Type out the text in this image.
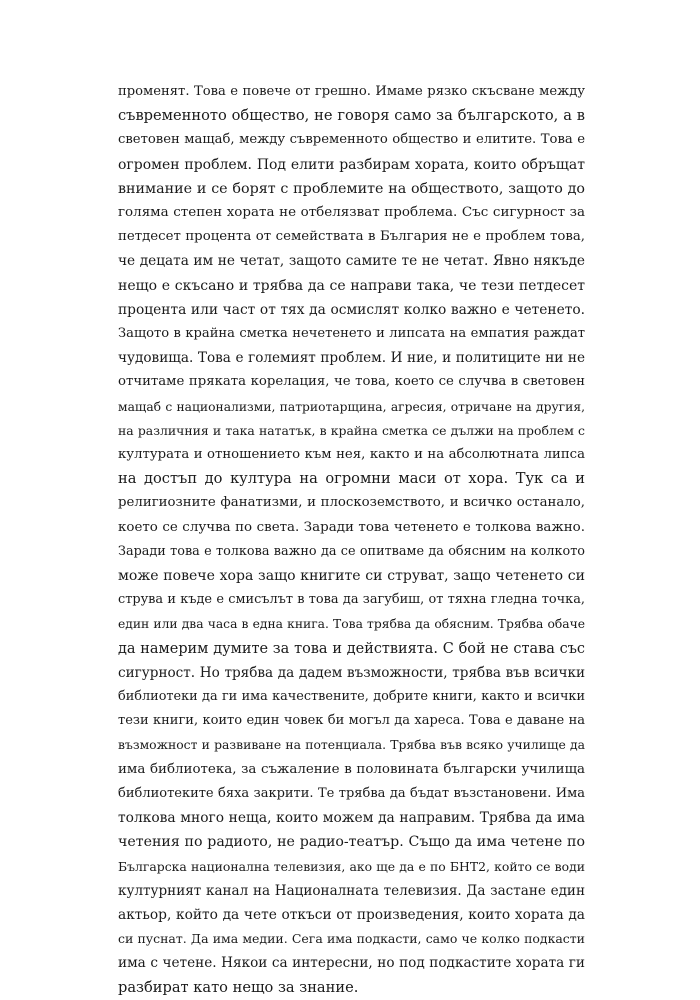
променят. Това е повече от грешно. Имаме рязко скъсване между
съвременното общество, не говоря само за българското, а в
световен мащаб, между съвременното общество и елитите. Това е
огромен проблем. Под елити разбирам хората, които обръщат
внимание и се борят с проблемите на обществото, защото до
голяма степен хората не отбелязват проблема. Със сигурност за
петдесет процента от семействата в България не е проблем това,
че децата им не четат, защото самите те не четат. Явно някъде
нещо е скъсано и трябва да се направи така, че тези петдесет
процента или част от тях да осмислят колко важно е четенето.
Защото в крайна сметка нечетенето и липсата на емпатия раждат
чудовища. Това е големият проблем. И ние, и политиците ни не
отчитаме пряката корелация, че това, което се случва в световен
мащаб с национализми, патриотарщина, агресия, отричане на другия,
на различния и така нататък, в крайна сметка се дължи на проблем с
културата и отношението към нея, както и на абсолютната липса
на достъп до култура на огромни маси от хора. Тук са и
религиозните фанатизми, и плоскоземството, и всичко останало,
което се случва по света. Заради това четенето е толкова важно.
Заради това е толкова важно да се опитваме да обясним на колкото
може повече хора защо книгите си струват, защо четенето си
струва и къде е смисълът в това да загубиш, от тяхна гледна точка,
един или два часа в една книга. Това трябва да обясним. Трябва обаче
да намерим думите за това и действията. С бой не става със
сигурност. Но трябва да дадем възможности, трябва във всички
библиотеки да ги има качествените, добрите книги, както и всички
тези книги, които един човек би могъл да хареса. Това е даване на
възможност и развиване на потенциала. Трябва във всяко училище да
има библиотека, за съжаление в половината български училища
библиотеките бяха закрити. Те трябва да бъдат възстановени. Има
толкова много неща, които можем да направим. Трябва да има
четения по радиото, не радио-театър. Също да има четене по
Българска национална телевизия, ако ще да е по БНТ2, който се води
културният канал на Националната телевизия. Да застане един
актьор, който да чете откъси от произведения, които хората да
си пуснат. Да има медии. Сега има подкасти, само че колко подкасти
има с четене. Някои са интересни, но под подкастите хората ги
разбират като нещо за знание.
